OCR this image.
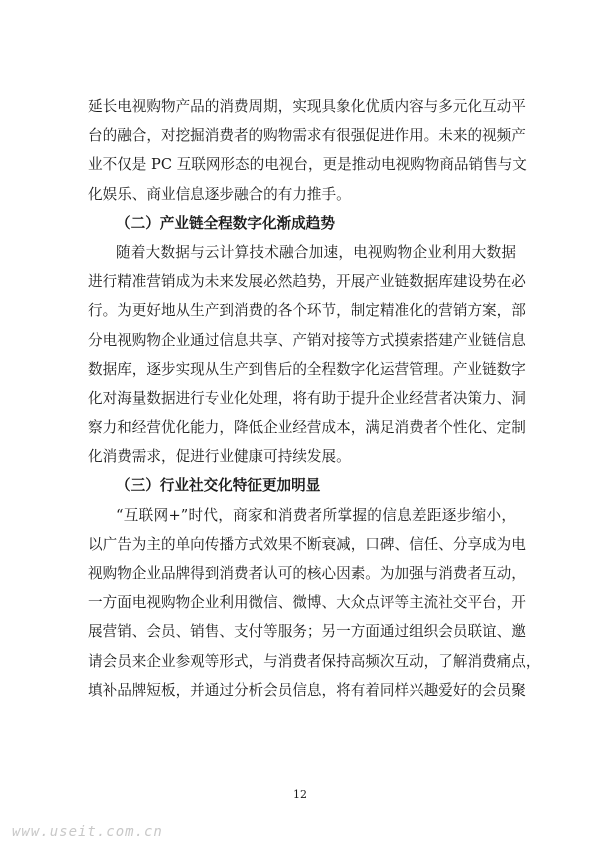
延长电视购物产品的消费周期，实现具象化优质内容与多元化互动平
台的融合，对挖掘消费者的购物需求有很强促进作用。未来的视频产
业不仅是 PC 互联网形态的电视台，更是推动电视购物商品销售与文
化娱乐、商业信息逐步融合的有力推手。
（二）产业链全程数字化渐成趋势
随着大数据与云计算技术融合加速，电视购物企业利用大数据
进行精准营销成为未来发展必然趋势，开展产业链数据库建设势在必
行。为更好地从生产到消费的各个环节，制定精准化的营销方案，部
分电视购物企业通过信息共享、产销对接等方式摸索搭建产业链信息
数据库，逐步实现从生产到售后的全程数字化运营管理。产业链数字
化对海量数据进行专业化处理，将有助于提升企业经营者决策力、洞
察力和经营优化能力，降低企业经营成本，满足消费者个性化、定制
化消费需求，促进行业健康可持续发展。
（三）行业社交化特征更加明显
“互联网+”时代，商家和消费者所掌握的信息差距逐步缩小，
以广告为主的单向传播方式效果不断衰减，口碑、信任、分享成为电
视购物企业品牌得到消费者认可的核心因素。为加强与消费者互动，
一方面电视购物企业利用微信、微博、大众点评等主流社交平台，开
展营销、会员、销售、支付等服务；另一方面通过组织会员联谊、邀
请会员来企业参观等形式，与消费者保持高频次互动，了解消费痛点，
填补品牌短板，并通过分析会员信息，将有着同样兴趣爱好的会员聚
12
www.useit.com.cn
